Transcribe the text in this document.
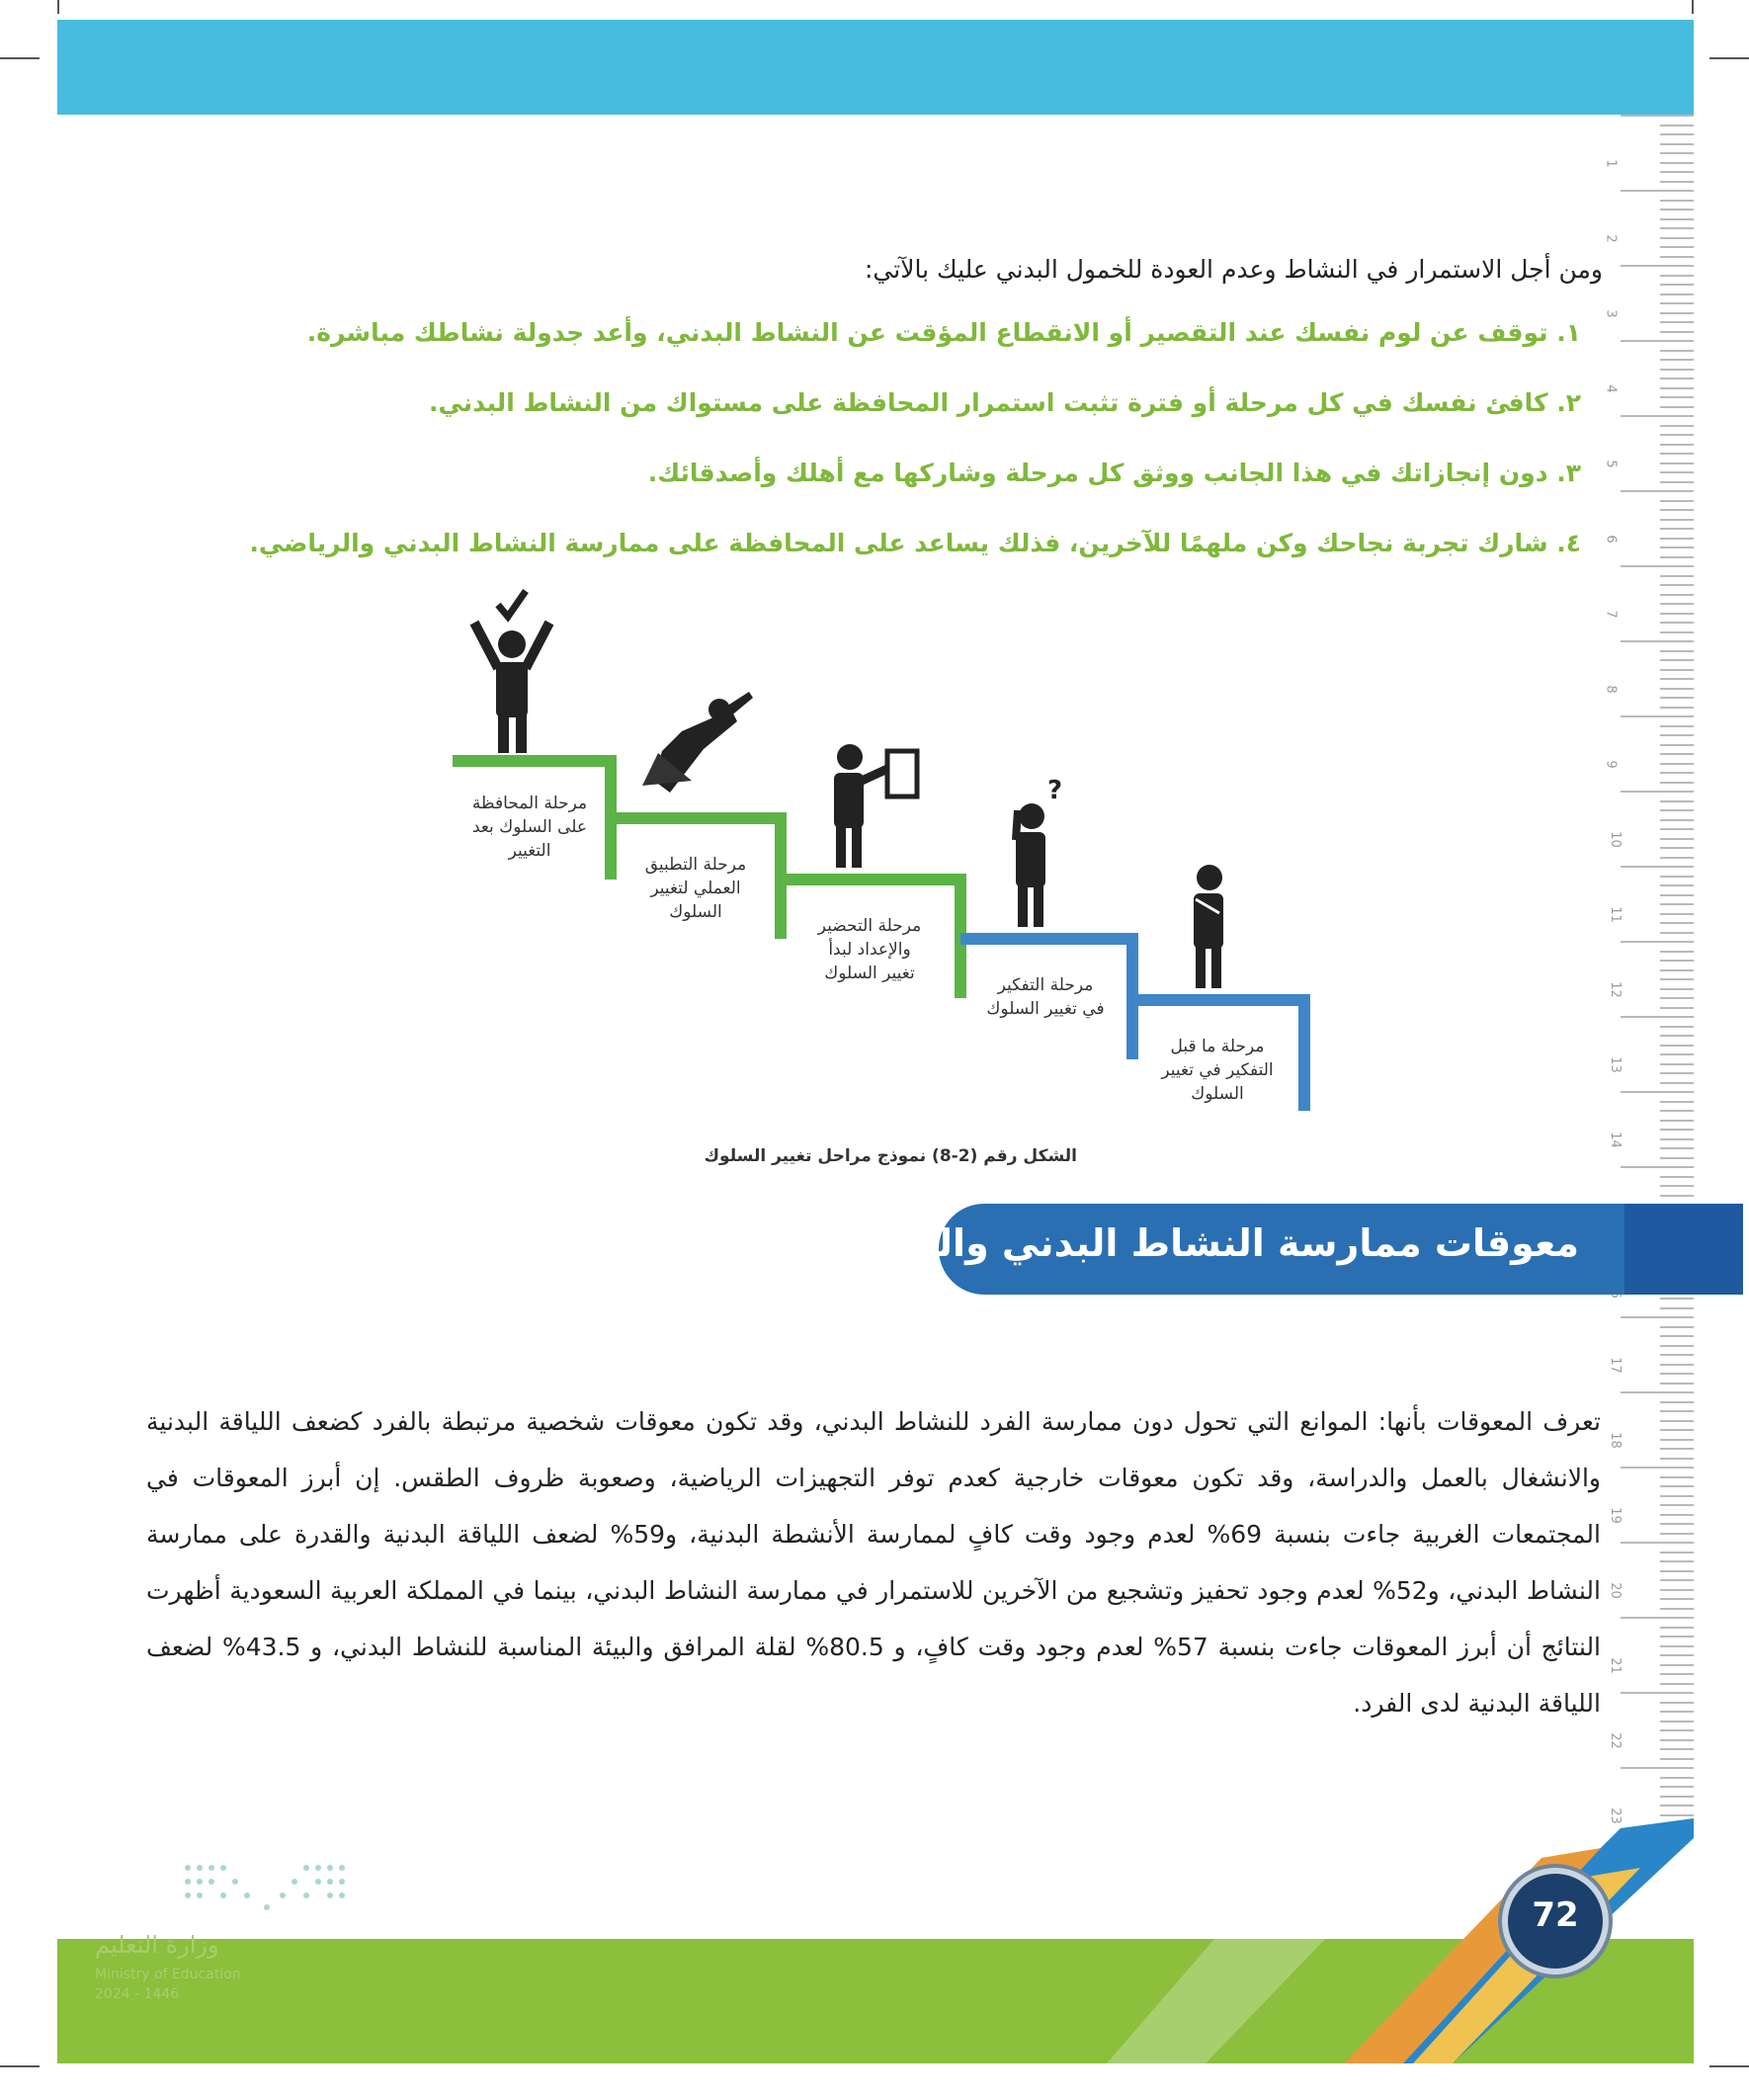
1
2
3
4
5
6
7
8
9
10
11
12
13
14
17
18
19
20
21
22
23
ومن أجل الاستمرار في النشاط وعدم العودة للخمول البدني عليك بالآتي:
١. توقف عن لوم نفسك عند التقصير أو الانقطاع المؤقت عن النشاط البدني، وأعد جدولة نشاطك مباشرة.
٢. كافئ نفسك في كل مرحلة أو فترة تثبت استمرار المحافظة على مستواك من النشاط البدني.
٣. دون إنجازاتك في هذا الجانب ووثق كل مرحلة وشاركها مع أهلك وأصدقائك.
٤. شارك تجربة نجاحك وكن ملهمًا للآخرين، فذلك يساعد على المحافظة على ممارسة النشاط البدني والرياضي.
?
مرحلة المحافظة
على السلوك بعد
التغيير
مرحلة التطبيق
العملي لتغيير
السلوك
مرحلة التحضير
والإعداد لبدأ
تغيير السلوك
مرحلة التفكير
في تغيير السلوك
مرحلة ما قبل
التفكير في تغيير
السلوك
الشكل رقم (2-8) نموذج مراحل تغيير السلوك
معوقات ممارسة النشاط البدني والرياضي
تعرف المعوقات بأنها: الموانع التي تحول دون ممارسة الفرد للنشاط البدني، وقد تكون معوقات شخصية مرتبطة بالفرد كضعف اللياقة البدنية والانشغال بالعمل والدراسة، وقد تكون معوقات خارجية كعدم توفر التجهيزات الرياضية، وصعوبة ظروف الطقس. إن أبرز المعوقات في المجتمعات الغربية جاءت بنسبة 69% لعدم وجود وقت كافٍ لممارسة الأنشطة البدنية، و59% لضعف اللياقة البدنية والقدرة على ممارسة النشاط البدني، و52% لعدم وجود تحفيز وتشجيع من الآخرين للاستمرار في ممارسة النشاط البدني، بينما في المملكة العربية السعودية أظهرت النتائج أن أبرز المعوقات جاءت بنسبة 57% لعدم وجود وقت كافٍ، و 80.5% لقلة المرافق والبيئة المناسبة للنشاط البدني، و 43.5% لضعف اللياقة البدنية لدى الفرد.
72
وزارة التعليم
Ministry of Education
2024 - 1446
